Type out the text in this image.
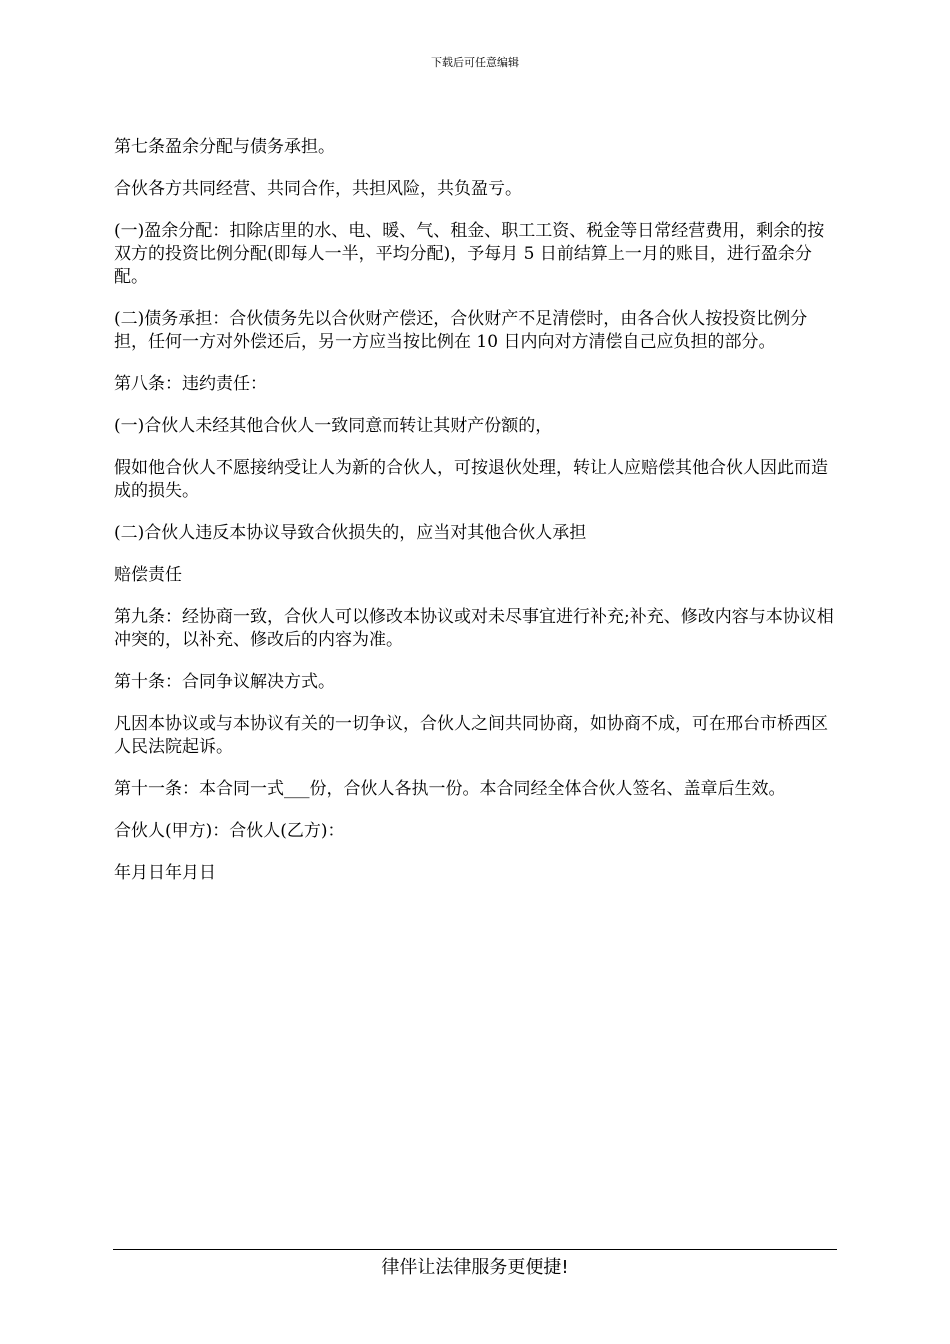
下载后可任意编辑

第七条盈余分配与债务承担。

合伙各方共同经营、共同合作，共担风险，共负盈亏。

(一)盈余分配：扣除店里的水、电、暖、气、租金、职工工资、税金等日常经营费用，剩余的按双方的投资比例分配(即每人一半，平均分配)，予每月 5 日前结算上一月的账目，进行盈余分配。

(二)债务承担：合伙债务先以合伙财产偿还，合伙财产不足清偿时，由各合伙人按投资比例分担，任何一方对外偿还后，另一方应当按比例在 10 日内向对方清偿自己应负担的部分。

第八条：违约责任：

(一)合伙人未经其他合伙人一致同意而转让其财产份额的，

假如他合伙人不愿接纳受让人为新的合伙人，可按退伙处理，转让人应赔偿其他合伙人因此而造成的损失。

(二)合伙人违反本协议导致合伙损失的，应当对其他合伙人承担

赔偿责任

第九条：经协商一致，合伙人可以修改本协议或对未尽事宜进行补充;补充、修改内容与本协议相冲突的，以补充、修改后的内容为准。

第十条：合同争议解决方式。

凡因本协议或与本协议有关的一切争议，合伙人之间共同协商，如协商不成，可在邢台市桥西区人民法院起诉。

第十一条：本合同一式___份，合伙人各执一份。本合同经全体合伙人签名、盖章后生效。

合伙人(甲方)：合伙人(乙方)：

年月日年月日

律伴让法律服务更便捷!
